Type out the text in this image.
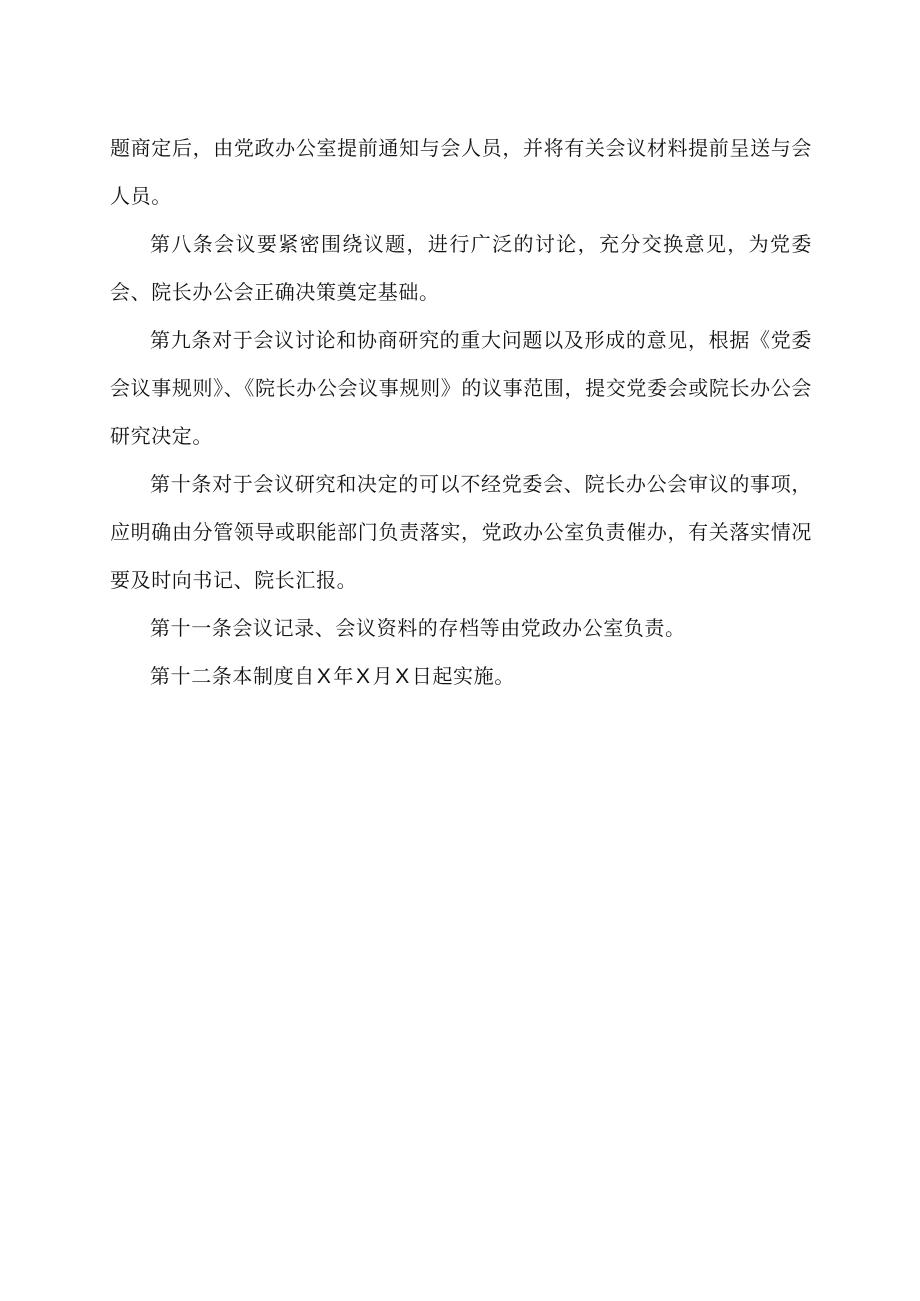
题商定后，由党政办公室提前通知与会人员，并将有关会议材料提前呈送与会人员。

第八条会议要紧密围绕议题，进行广泛的讨论，充分交换意见，为党委会、院长办公会正确决策奠定基础。

第九条对于会议讨论和协商研究的重大问题以及形成的意见，根据《党委会议事规则》、《院长办公会议事规则》的议事范围，提交党委会或院长办公会研究决定。

第十条对于会议研究和决定的可以不经党委会、院长办公会审议的事项，应明确由分管领导或职能部门负责落实，党政办公室负责催办，有关落实情况要及时向书记、院长汇报。

第十一条会议记录、会议资料的存档等由党政办公室负责。

第十二条本制度自X 年X 月X 日起实施。
